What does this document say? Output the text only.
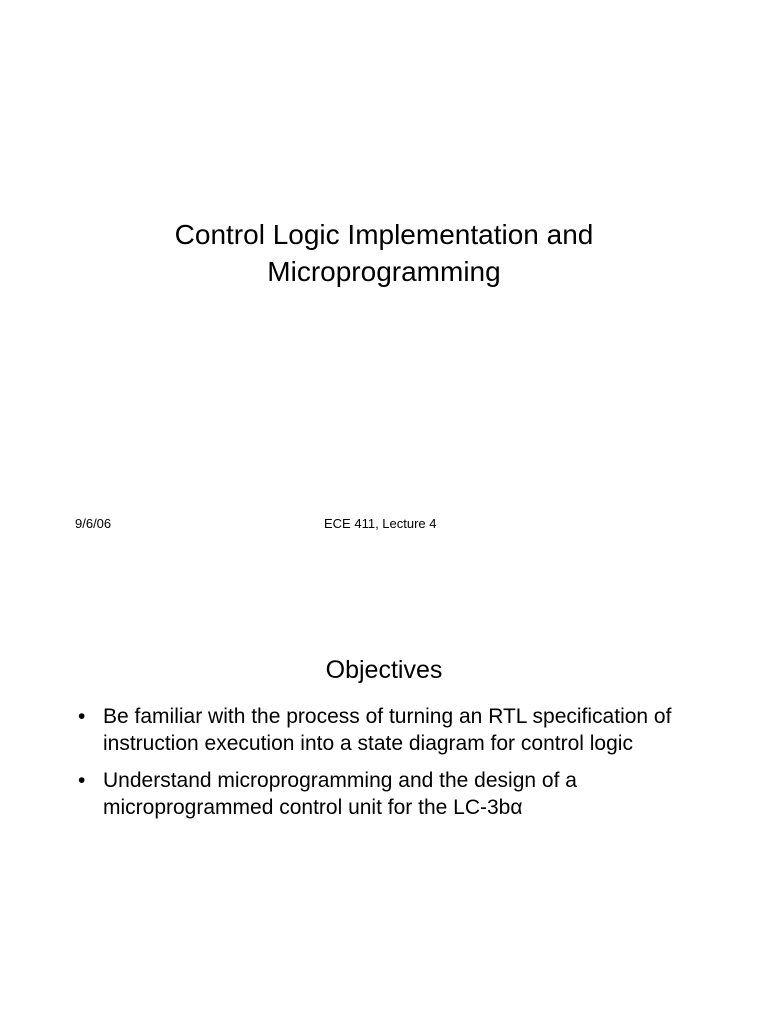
Control Logic Implementation and
Microprogramming
9/6/06	ECE 411, Lecture 4
Objectives
• Be familiar with the process of turning an RTL specification of instruction execution into a state diagram for control logic
• Understand microprogramming and the design of a microprogrammed control unit for the LC-3bα
